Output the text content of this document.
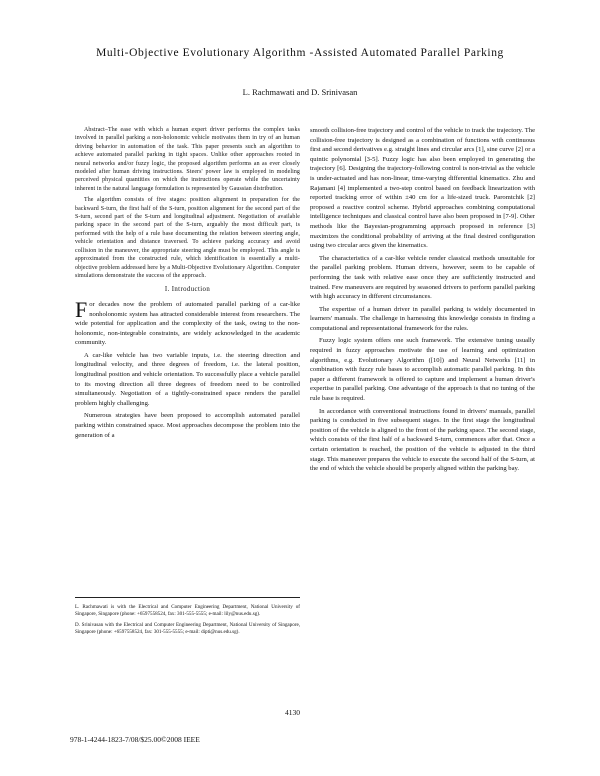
Multi-Objective Evolutionary Algorithm -Assisted Automated Parallel Parking
L. Rachmawati and D. Srinivasan

Abstract–The ease with which a human expert driver performs the complex tasks involved in parallel parking a non-holonomic vehicle motivates them in try of an human driving behavior in automation of the task. This paper presents such an algorithm to achieve automated parallel parking in tight spaces. Unlike other approaches rooted in neural networks and/or fuzzy logic, the proposed algorithm performs an as ever closely modeled after human driving instructions. Steers' power law is employed in modeling perceived physical quantities on which the instructions operate while the uncertainty inherent in the natural language formulation is represented by Gaussian distribution.

The algorithm consists of five stages: position alignment in preparation for the backward S-turn, the first half of the S-turn, position alignment for the second part of the S-turn, second part of the S-turn and longitudinal adjustment. Negotiation of available parking space in the second part of the S-turn, arguably the most difficult part, is performed with the help of a rule base documenting the relation between steering angle, vehicle orientation and distance traversed. To achieve parking accuracy and avoid collision in the maneuver, the appropriate steering angle must be employed. This angle is approximated from the constructed rule, which identification is essentially a multi-objective problem addressed here by a Multi-Objective Evolutionary Algorithm. Computer simulations demonstrate the success of the approach.

I. Introduction

For decades now the problem of automated parallel parking of a car-like nonholonomic system has attracted considerable interest from researchers. The wide potential for application and the complexity of the task, owing to the non-holonomic, non-integrable constraints, are widely acknowledged in the academic community.

A car-like vehicle has two variable inputs, i.e. the steering direction and longitudinal velocity, and three degrees of freedom, i.e. the lateral position, longitudinal position and vehicle orientation. To successfully place a vehicle parallel to its moving direction all three degrees of freedom need to be controlled simultaneously. Negotiation of a tightly-constrained space renders the parallel problem highly challenging.

Numerous strategies have been proposed to accomplish automated parallel parking within constrained space. Most approaches decompose the problem into the generation of a

L. Rachmawati is with the Electrical and Computer Engineering Department, National University of Singapore, Singapore (phone: +6597558524, fax: 301-555-5555; e-mail: lily@nus.edu.sg).

D. Srinivasan with the Electrical and Computer Engineering Department, National University of Singapore, Singapore (phone: +6597558524, fax: 301-555-5555; e-mail: dipti@nus.edu.sg).

smooth collision-free trajectory and control of the vehicle to track the trajectory. The collision-free trajectory is designed as a combination of functions with continuous first and second derivatives e.g. straight lines and circular arcs [1], sine curve [2] or a quintic polynomial [3-5]. Fuzzy logic has also been employed in generating the trajectory [6]. Designing the trajectory-following control is non-trivial as the vehicle is under-actuated and has non-linear, time-varying differential kinematics. Zhu and Rajamani [4] implemented a two-step control based on feedback linearization with reported tracking error of within ±40 cm for a life-sized truck. Paromtchik [2] proposed a reactive control scheme. Hybrid approaches combining computational intelligence techniques and classical control have also been proposed in [7-9]. Other methods like the Bayesian-programming approach proposed in reference [3] maximizes the conditional probability of arriving at the final desired configuration using two circular arcs given the kinematics.

The characteristics of a car-like vehicle render classical methods unsuitable for the parallel parking problem. Human drivers, however, seem to be capable of performing the task with relative ease once they are sufficiently instructed and trained. Few maneuvers are required by seasoned drivers to perform parallel parking with high accuracy in different circumstances.

The expertise of a human driver in parallel parking is widely documented in learners' manuals. The challenge in harnessing this knowledge consists in finding a computational and representational framework for the rules.

Fuzzy logic system offers one such framework. The extensive tuning usually required in fuzzy approaches motivate the use of learning and optimization algorithms, e.g. Evolutionary Algorithm ([10]) and Neural Networks [11] in combination with fuzzy rule bases to accomplish automatic parallel parking. In this paper a different framework is offered to capture and implement a human driver's expertise in parallel parking. One advantage of the approach is that no tuning of the rule base is required.

In accordance with conventional instructions found in drivers' manuals, parallel parking is conducted in five subsequent stages. In the first stage the longitudinal position of the vehicle is aligned to the front of the parking space. The second stage, which consists of the first half of a backward S-turn, commences after that. Once a certain orientation is reached, the position of the vehicle is adjusted in the third stage. This maneuver prepares the vehicle to execute the second half of the S-turn, at the end of which the vehicle should be properly aligned within the parking bay.

4130
978-1-4244-1823-7/08/$25.00©2008 IEEE
